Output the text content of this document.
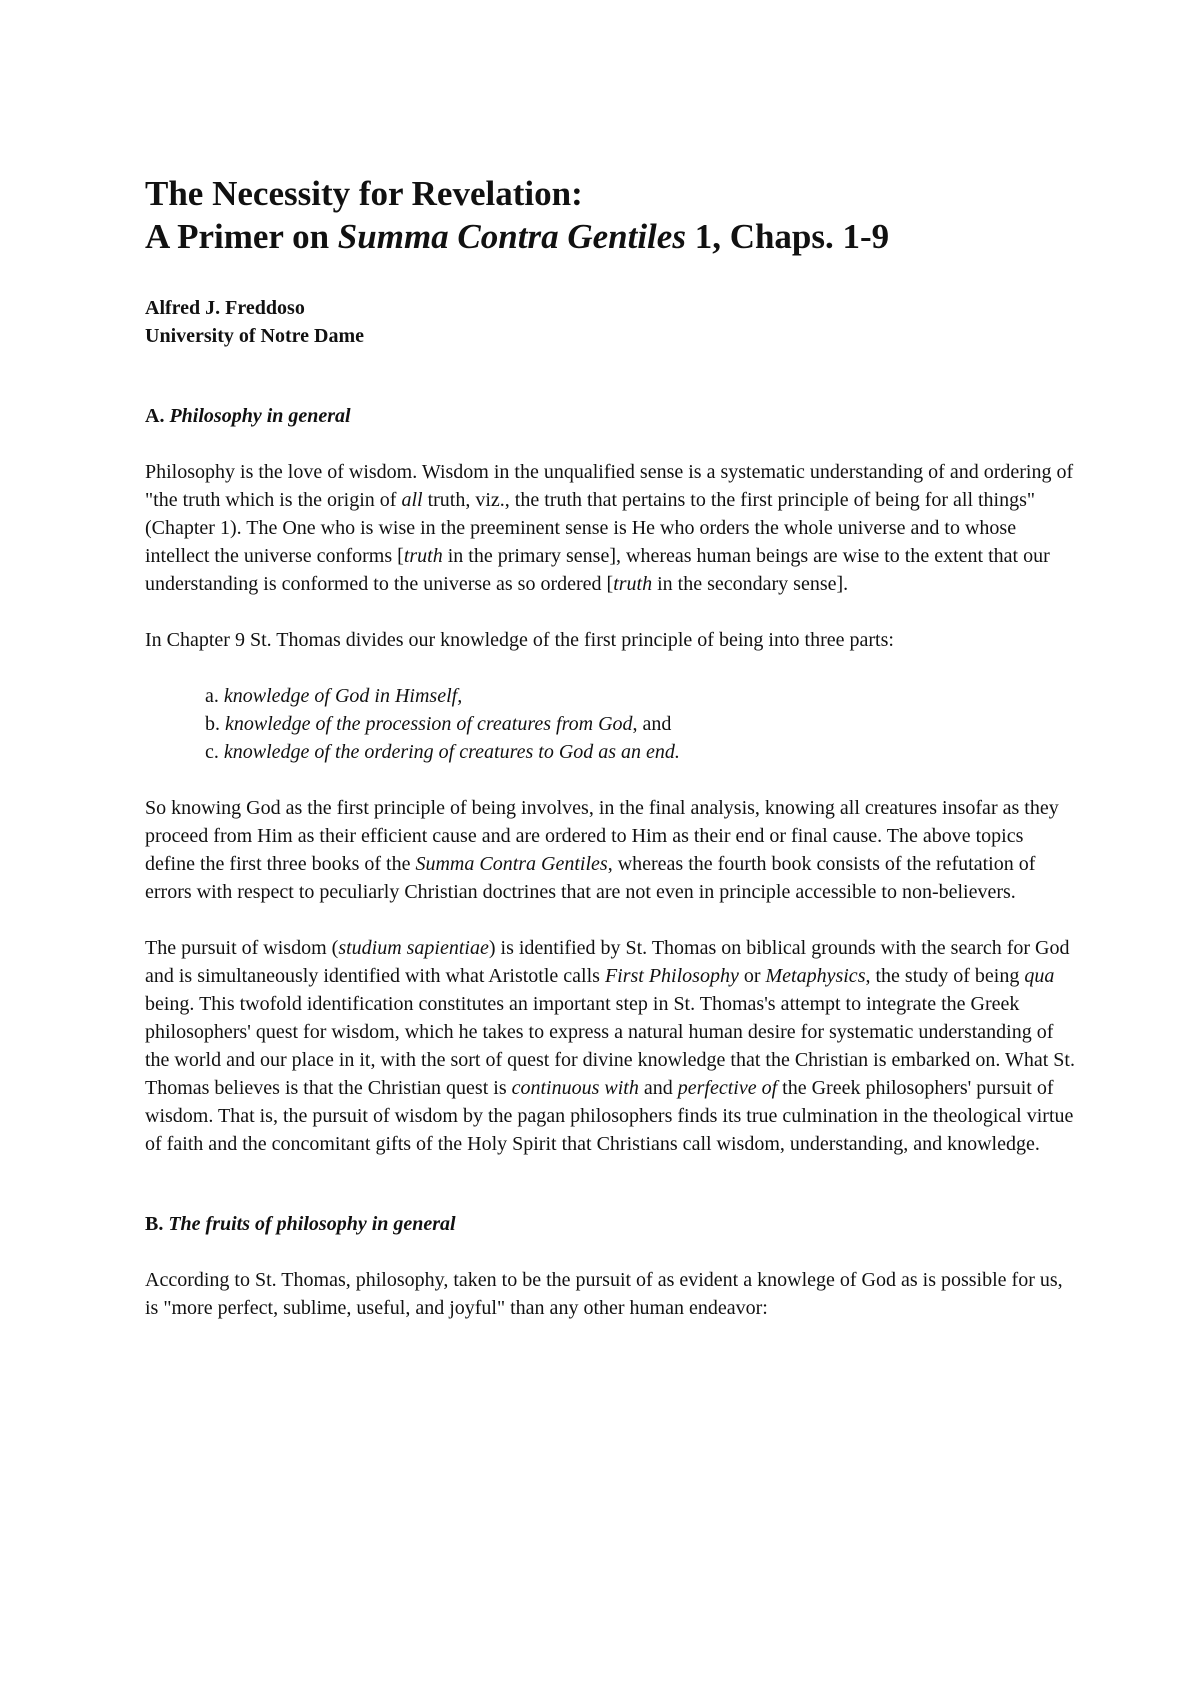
The Necessity for Revelation:
A Primer on Summa Contra Gentiles 1, Chaps. 1-9
Alfred J. Freddoso
University of Notre Dame
A. Philosophy in general

Philosophy is the love of wisdom. Wisdom in the unqualified sense is a systematic understanding of and ordering of "the truth which is the origin of all truth, viz., the truth that pertains to the first principle of being for all things" (Chapter 1). The One who is wise in the preeminent sense is He who orders the whole universe and to whose intellect the universe conforms [truth in the primary sense], whereas human beings are wise to the extent that our understanding is conformed to the universe as so ordered [truth in the secondary sense].

In Chapter 9 St. Thomas divides our knowledge of the first principle of being into three parts:

a. knowledge of God in Himself,
b. knowledge of the procession of creatures from God, and
c. knowledge of the ordering of creatures to God as an end.

So knowing God as the first principle of being involves, in the final analysis, knowing all creatures insofar as they proceed from Him as their efficient cause and are ordered to Him as their end or final cause. The above topics define the first three books of the Summa Contra Gentiles, whereas the fourth book consists of the refutation of errors with respect to peculiarly Christian doctrines that are not even in principle accessible to non-believers.

The pursuit of wisdom (studium sapientiae) is identified by St. Thomas on biblical grounds with the search for God and is simultaneously identified with what Aristotle calls First Philosophy or Metaphysics, the study of being qua being. This twofold identification constitutes an important step in St. Thomas's attempt to integrate the Greek philosophers' quest for wisdom, which he takes to express a natural human desire for systematic understanding of the world and our place in it, with the sort of quest for divine knowledge that the Christian is embarked on. What St. Thomas believes is that the Christian quest is continuous with and perfective of the Greek philosophers' pursuit of wisdom. That is, the pursuit of wisdom by the pagan philosophers finds its true culmination in the theological virtue of faith and the concomitant gifts of the Holy Spirit that Christians call wisdom, understanding, and knowledge.

B. The fruits of philosophy in general

According to St. Thomas, philosophy, taken to be the pursuit of as evident a knowlege of God as is possible for us, is "more perfect, sublime, useful, and joyful" than any other human endeavor:
